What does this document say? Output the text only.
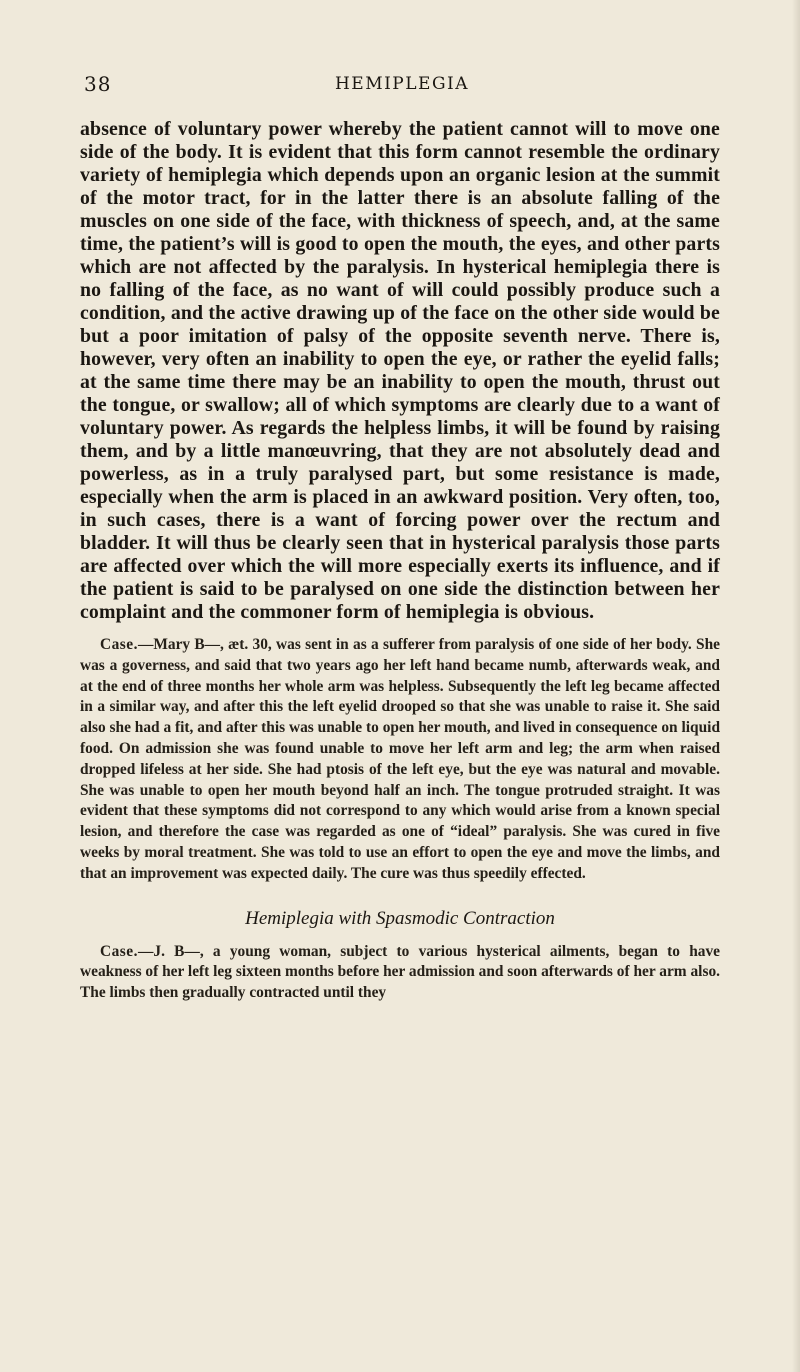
38	HEMIPLEGIA

absence of voluntary power whereby the patient cannot will to move one side of the body. It is evident that this form cannot resemble the ordinary variety of hemiplegia which depends upon an organic lesion at the summit of the motor tract, for in the latter there is an absolute falling of the muscles on one side of the face, with thickness of speech, and, at the same time, the patient’s will is good to open the mouth, the eyes, and other parts which are not affected by the paralysis. In hysterical hemiplegia there is no falling of the face, as no want of will could possibly produce such a condition, and the active drawing up of the face on the other side would be but a poor imitation of palsy of the opposite seventh nerve. There is, however, very often an inability to open the eye, or rather the eyelid falls; at the same time there may be an inability to open the mouth, thrust out the tongue, or swallow; all of which symptoms are clearly due to a want of voluntary power. As regards the helpless limbs, it will be found by raising them, and by a little manœuvring, that they are not absolutely dead and powerless, as in a truly paralysed part, but some resistance is made, especially when the arm is placed in an awkward position. Very often, too, in such cases, there is a want of forcing power over the rectum and bladder. It will thus be clearly seen that in hysterical paralysis those parts are affected over which the will more especially exerts its influence, and if the patient is said to be paralysed on one side the distinction between her complaint and the commoner form of hemiplegia is obvious.

Case.—Mary B—, æt. 30, was sent in as a sufferer from paralysis of one side of her body. She was a governess, and said that two years ago her left hand became numb, afterwards weak, and at the end of three months her whole arm was helpless. Subsequently the left leg became affected in a similar way, and after this the left eyelid drooped so that she was unable to raise it. She said also she had a fit, and after this was unable to open her mouth, and lived in consequence on liquid food. On admission she was found unable to move her left arm and leg; the arm when raised dropped lifeless at her side. She had ptosis of the left eye, but the eye was natural and movable. She was unable to open her mouth beyond half an inch. The tongue protruded straight. It was evident that these symptoms did not correspond to any which would arise from a known special lesion, and therefore the case was regarded as one of “ideal” paralysis. She was cured in five weeks by moral treatment. She was told to use an effort to open the eye and move the limbs, and that an improvement was expected daily. The cure was thus speedily effected.

Hemiplegia with Spasmodic Contraction

Case.—J. B—, a young woman, subject to various hysterical ailments, began to have weakness of her left leg sixteen months before her admission and soon afterwards of her arm also. The limbs then gradually contracted until they
